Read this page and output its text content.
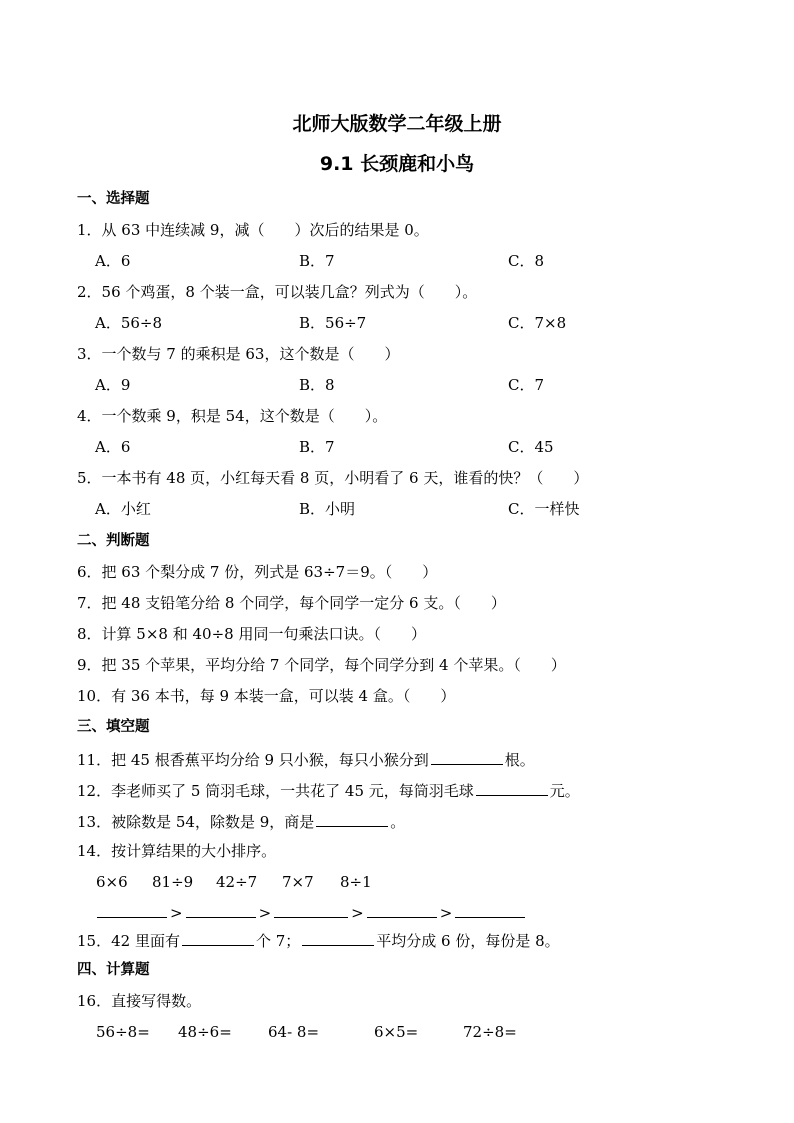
北师大版数学二年级上册
9.1 长颈鹿和小鸟
一、选择题
1．从 63 中连续减 9，减（　　）次后的结果是 0。
A．6	B．7	C．8
2．56 个鸡蛋，8 个装一盒，可以装几盒？列式为（　　）。
A．56÷8	B．56÷7	C．7×8
3．一个数与 7 的乘积是 63，这个数是（　　）
A．9	B．8	C．7
4．一个数乘 9，积是 54，这个数是（　　）。
A．6	B．7	C．45
5．一本书有 48 页，小红每天看 8 页，小明看了 6 天，谁看的快？（　　）
A．小红	B．小明	C．一样快
二、判断题
6．把 63 个梨分成 7 份，列式是 63÷7＝9。（　　）
7．把 48 支铅笔分给 8 个同学，每个同学一定分 6 支。（　　）
8．计算 5×8 和 40÷8 用同一句乘法口诀。（　　）
9．把 35 个苹果，平均分给 7 个同学，每个同学分到 4 个苹果。（　　）
10．有 36 本书，每 9 本装一盒，可以装 4 盒。（　　）
三、填空题
11．把 45 根香蕉平均分给 9 只小猴，每只小猴分到	根。
12．李老师买了 5 筒羽毛球，一共花了 45 元，每筒羽毛球	元。
13．被除数是 54，除数是 9，商是	。
14．按计算结果的大小排序。
6×6 81÷9 42÷7 7×7 8÷1
>	>	>	>
15．42 里面有	个 7；	平均分成 6 份，每份是 8。
四、计算题
16．直接写得数。
56÷8= 48÷6= 64- 8=	6×5=	72÷8=
